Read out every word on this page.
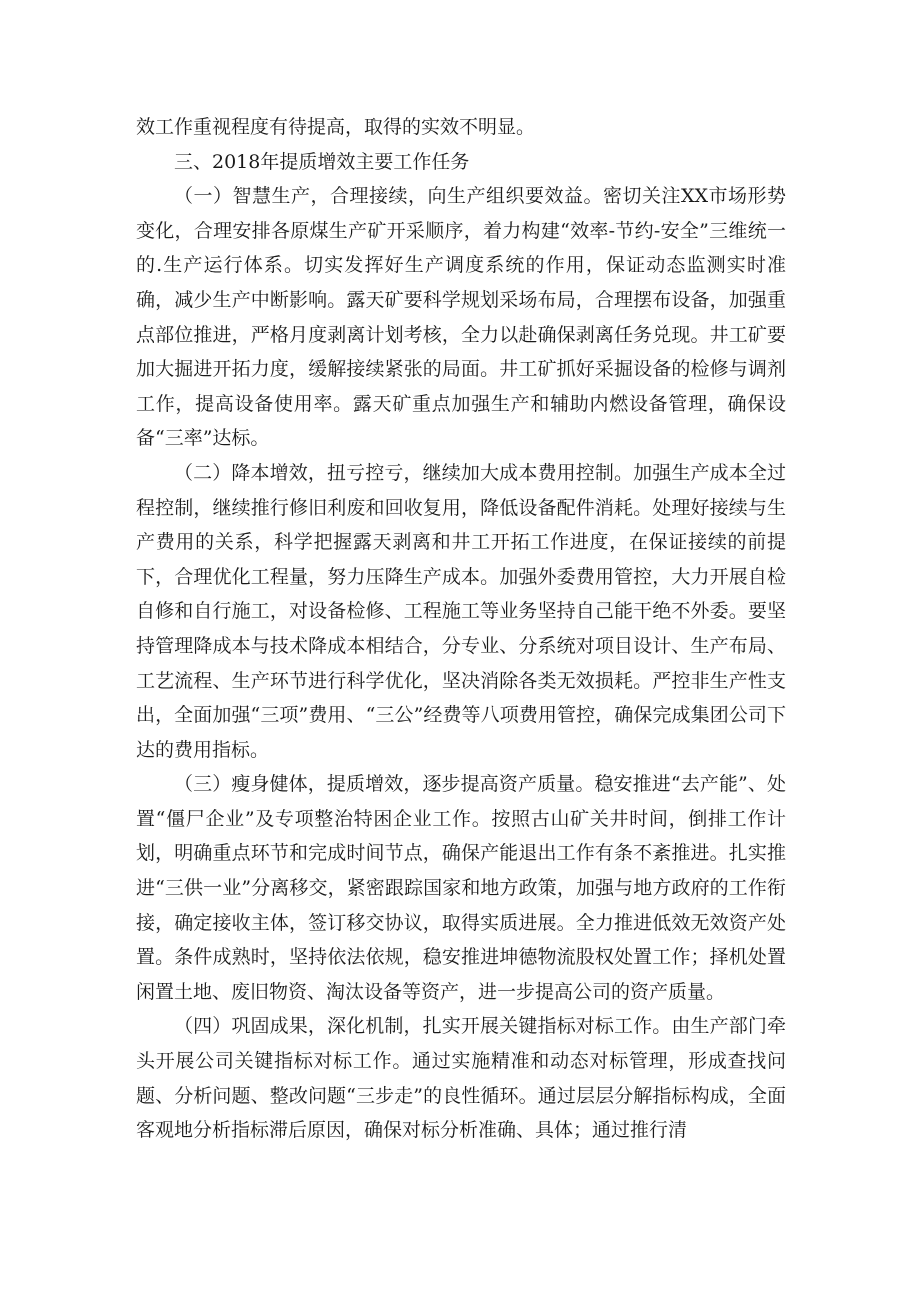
效工作重视程度有待提高，取得的实效不明显。

三、2018年提质增效主要工作任务

（一）智慧生产，合理接续，向生产组织要效益。密切关注XX市场形势变化，合理安排各原煤生产矿开采顺序，着力构建“效率-节约-安全”三维统一的.生产运行体系。切实发挥好生产调度系统的作用，保证动态监测实时准确，减少生产中断影响。露天矿要科学规划采场布局，合理摆布设备，加强重点部位推进，严格月度剥离计划考核，全力以赴确保剥离任务兑现。井工矿要加大掘进开拓力度，缓解接续紧张的局面。井工矿抓好采掘设备的检修与调剂工作，提高设备使用率。露天矿重点加强生产和辅助内燃设备管理，确保设备“三率”达标。

（二）降本增效，扭亏控亏，继续加大成本费用控制。加强生产成本全过程控制，继续推行修旧利废和回收复用，降低设备配件消耗。处理好接续与生产费用的关系，科学把握露天剥离和井工开拓工作进度，在保证接续的前提下，合理优化工程量，努力压降生产成本。加强外委费用管控，大力开展自检自修和自行施工，对设备检修、工程施工等业务坚持自己能干绝不外委。要坚持管理降成本与技术降成本相结合，分专业、分系统对项目设计、生产布局、工艺流程、生产环节进行科学优化，坚决消除各类无效损耗。严控非生产性支出，全面加强“三项”费用、“三公”经费等八项费用管控，确保完成集团公司下达的费用指标。

（三）瘦身健体，提质增效，逐步提高资产质量。稳安推进“去产能”、处置“僵尸企业”及专项整治特困企业工作。按照古山矿关井时间，倒排工作计划，明确重点环节和完成时间节点，确保产能退出工作有条不紊推进。扎实推进“三供一业”分离移交，紧密跟踪国家和地方政策，加强与地方政府的工作衔接，确定接收主体，签订移交协议，取得实质进展。全力推进低效无效资产处置。条件成熟时，坚持依法依规，稳安推进坤德物流股权处置工作；择机处置闲置土地、废旧物资、淘汰设备等资产，进一步提高公司的资产质量。

（四）巩固成果，深化机制，扎实开展关键指标对标工作。由生产部门牵头开展公司关键指标对标工作。通过实施精准和动态对标管理，形成查找问题、分析问题、整改问题“三步走”的良性循环。通过层层分解指标构成，全面客观地分析指标滞后原因，确保对标分析准确、具体；通过推行清
